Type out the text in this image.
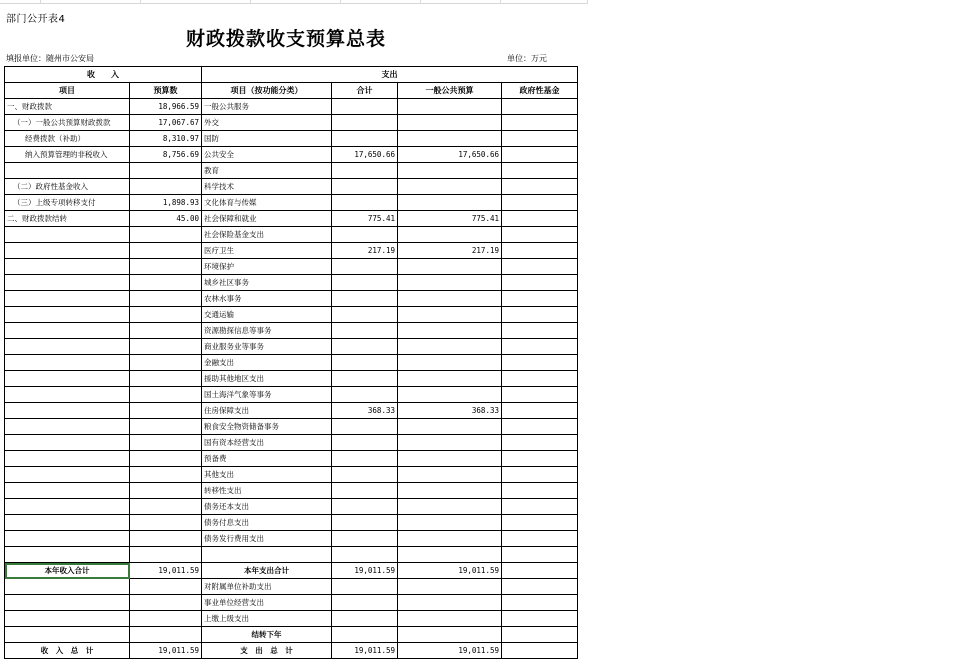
部门公开表4
财政拨款收支预算总表
填报单位：随州市公安局	单位：万元
收　　入		支出			
项目	预算数	项目（按功能分类）	合计	一般公共预算	政府性基金
一、财政拨款	18,966.59	一般公共服务			
（一）一般公共预算财政拨款	17,067.67	外交			
经费拨款（补助）	8,310.97	国防			
纳入预算管理的非税收入	8,756.69	公共安全	17,650.66	17,650.66	
		教育			
（二）政府性基金收入		科学技术			
（三）上级专项转移支付	1,898.93	文化体育与传媒			
二、财政拨款结转	45.00	社会保障和就业	775.41	775.41	
		社会保险基金支出			
		医疗卫生	217.19	217.19	
		环境保护			
		城乡社区事务			
		农林水事务			
		交通运输			
		资源勘探信息等事务			
		商业服务业等事务			
		金融支出			
		援助其他地区支出			
		国土海洋气象等事务			
		住房保障支出	368.33	368.33	
		粮食安全物资储备事务			
		国有资本经营支出			
		预备费			
		其他支出			
		转移性支出			
		债务还本支出			
		债务付息支出			
		债务发行费用支出			

本年收入合计	19,011.59	本年支出合计	19,011.59	19,011.59	
		对附属单位补助支出			
		事业单位经营支出			
		上缴上级支出			
		结转下年			
收　入　总　计	19,011.59	支　出　总　计	19,011.59	19,011.59	
